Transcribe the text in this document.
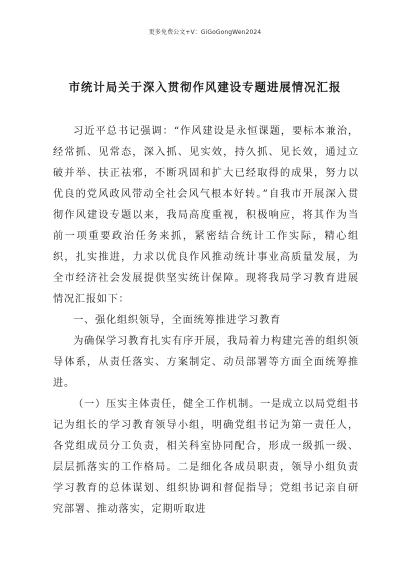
更多免费公文+V：GiGoGongWen2024
市统计局关于深入贯彻作风建设专题进展情况汇报

习近平总书记强调：“作风建设是永恒课题，要标本兼治，经常抓、见常态，深入抓、见实效，持久抓、见长效，通过立破并举、扶正祛邪，不断巩固和扩大已经取得的成果，努力以优良的党风政风带动全社会风气根本好转。”自我市开展深入贯彻作风建设专题以来，我局高度重视，积极响应，将其作为当前一项重要政治任务来抓，紧密结合统计工作实际，精心组织，扎实推进，力求以优良作风推动统计事业高质量发展，为全市经济社会发展提供坚实统计保障。现将我局学习教育进展情况汇报如下：

一、强化组织领导，全面统筹推进学习教育

为确保学习教育扎实有序开展，我局着力构建完善的组织领导体系，从责任落实、方案制定、动员部署等方面全面统筹推进。

（一）压实主体责任，健全工作机制。一是成立以局党组书记为组长的学习教育领导小组，明确党组书记为第一责任人，各党组成员分工负责，相关科室协同配合，形成一级抓一级、层层抓落实的工作格局。二是细化各成员职责，领导小组负责学习教育的总体谋划、组织协调和督促指导；党组书记亲自研究部署、推动落实，定期听取进
